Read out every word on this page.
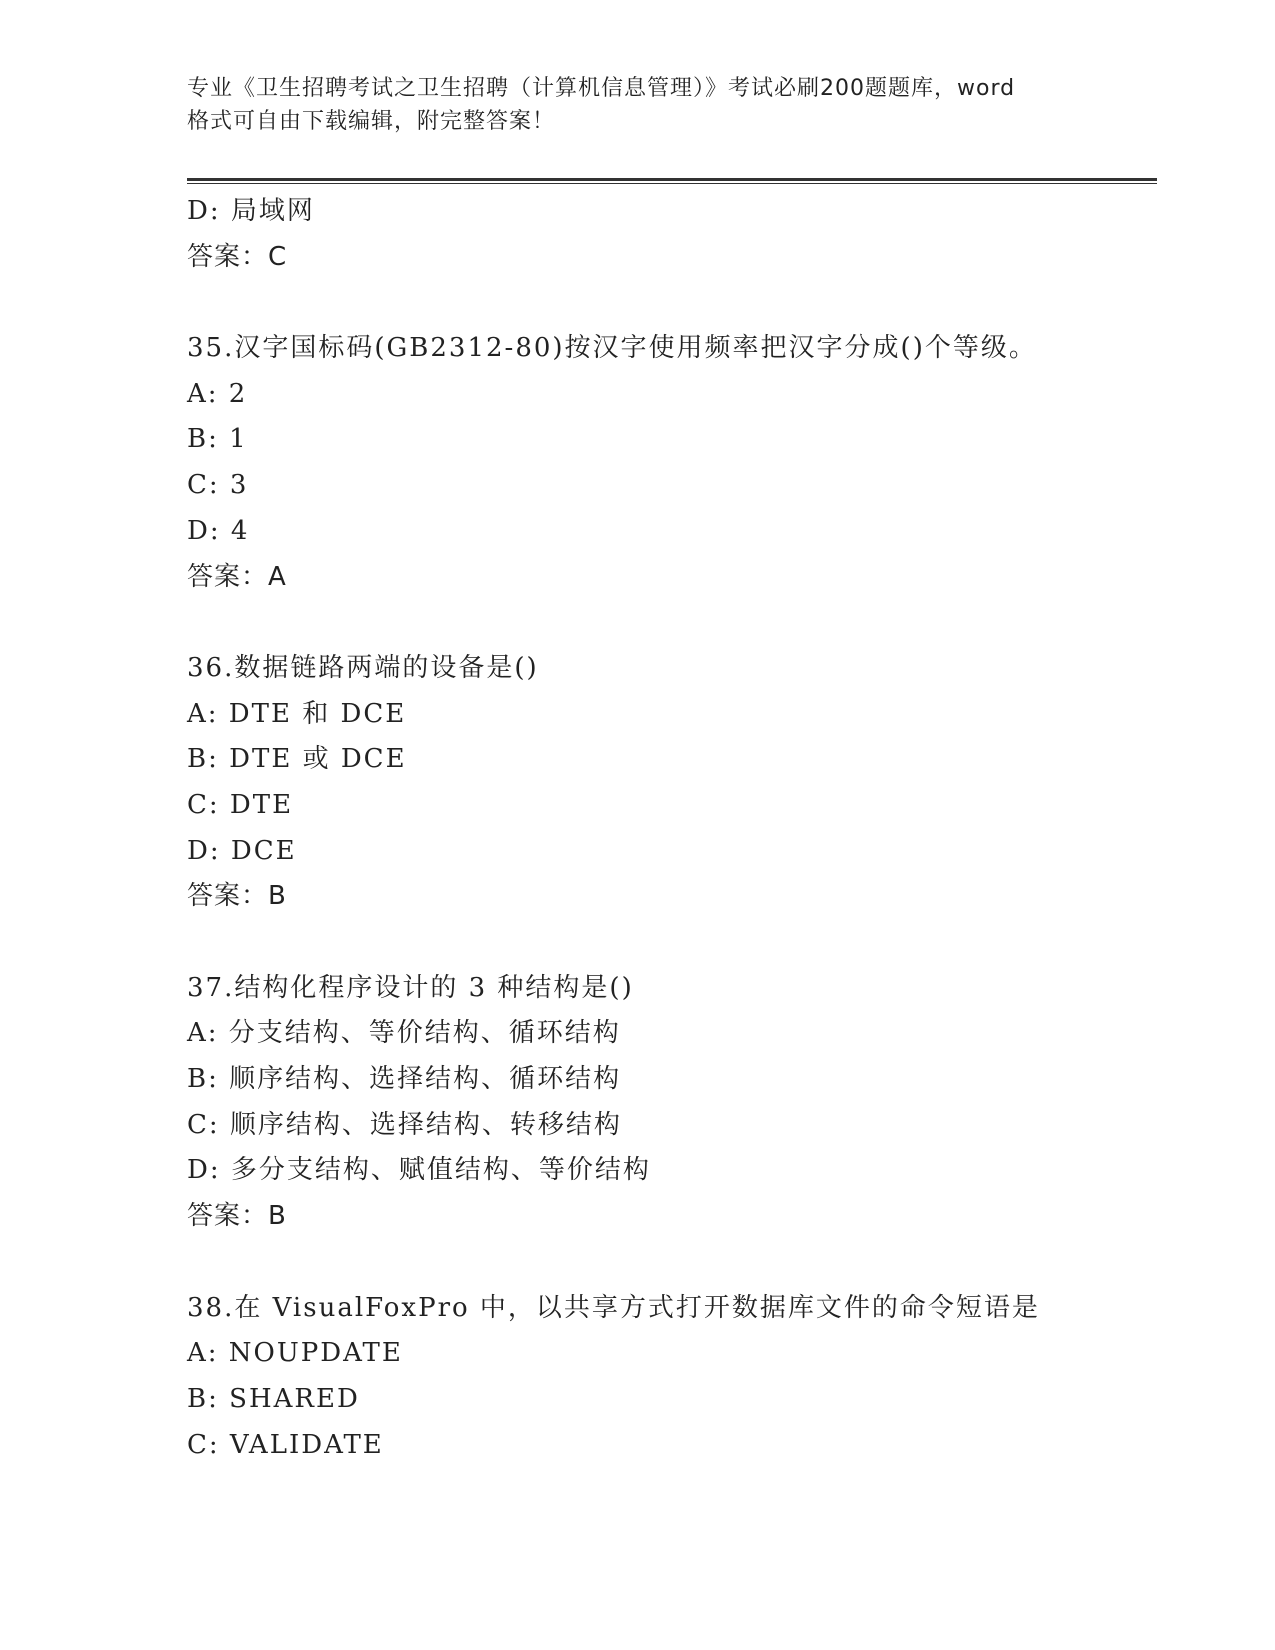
专业《卫生招聘考试之卫生招聘（计算机信息管理）》考试必刷200题题库，word
格式可自由下载编辑，附完整答案！
D: 局域网
答案：C
35.汉字国标码(GB2312-80)按汉字使用频率把汉字分成()个等级。
A: 2
B: 1
C: 3
D: 4
答案：A
36.数据链路两端的设备是()
A: DTE 和 DCE
B: DTE 或 DCE
C: DTE
D: DCE
答案：B
37.结构化程序设计的 3 种结构是()
A: 分支结构、等价结构、循环结构
B: 顺序结构、选择结构、循环结构
C: 顺序结构、选择结构、转移结构
D: 多分支结构、赋值结构、等价结构
答案：B
38.在 VisualFoxPro 中，以共享方式打开数据库文件的命令短语是
A: NOUPDATE
B: SHARED
C: VALIDATE
